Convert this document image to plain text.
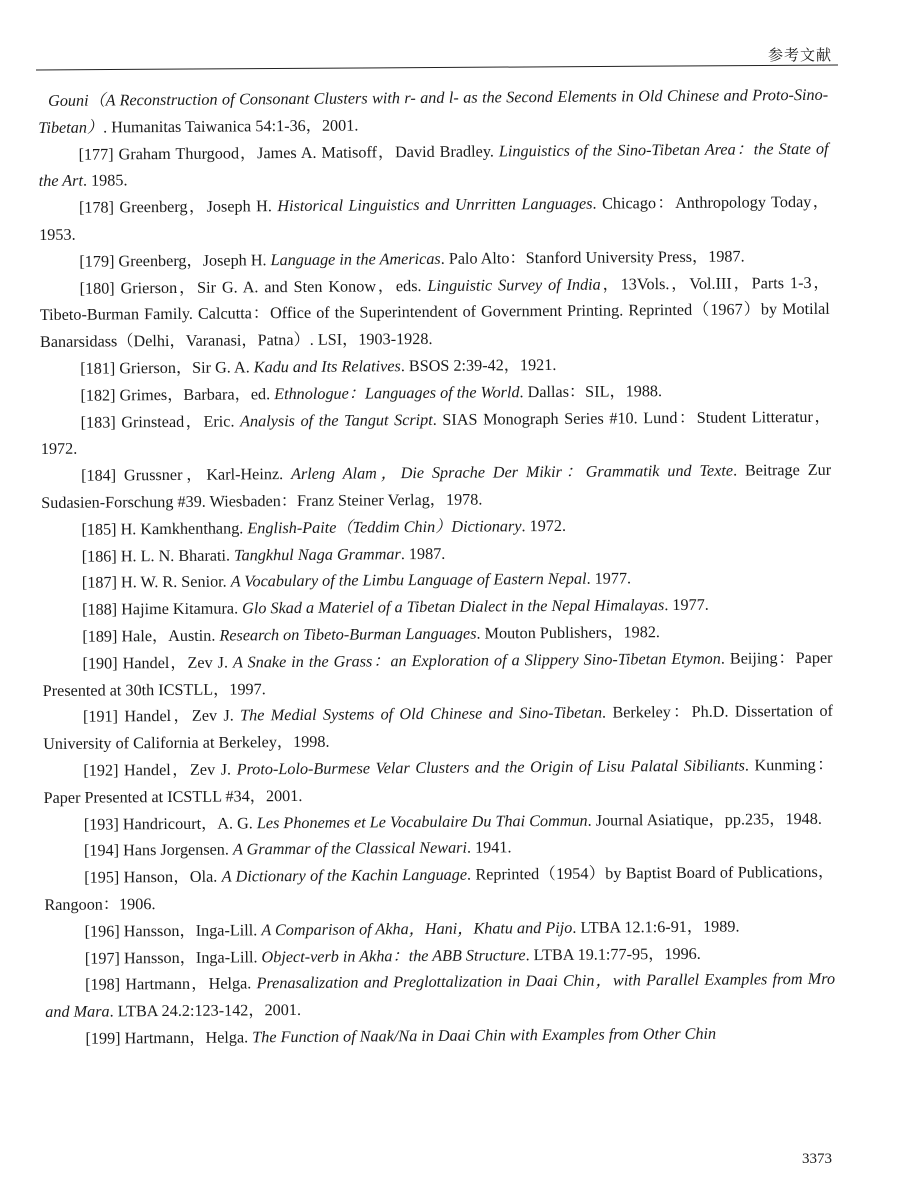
参考文献

Gouni（A Reconstruction of Consonant Clusters with r- and l- as the Second Elements in Old Chinese and Proto-Sino-Tibetan）. Humanitas Taiwanica 54:1-36，2001.

[177] Graham Thurgood，James A. Matisoff，David Bradley. Linguistics of the Sino-Tibetan Area：the State of the Art. 1985.

[178] Greenberg，Joseph H. Historical Linguistics and Unrritten Languages. Chicago：Anthropology Today，1953.

[179] Greenberg，Joseph H. Language in the Americas. Palo Alto：Stanford University Press，1987.

[180] Grierson，Sir G. A. and Sten Konow，eds. Linguistic Survey of India，13Vols.，Vol.III，Parts 1-3，Tibeto-Burman Family. Calcutta：Office of the Superintendent of Government Printing. Reprinted（1967）by Motilal Banarsidass（Delhi，Varanasi，Patna）. LSI，1903-1928.

[181] Grierson，Sir G. A. Kadu and Its Relatives. BSOS 2:39-42，1921.

[182] Grimes，Barbara，ed. Ethnologue：Languages of the World. Dallas：SIL，1988.

[183] Grinstead，Eric. Analysis of the Tangut Script. SIAS Monograph Series #10. Lund：Student Litteratur，1972.

[184] Grussner，Karl-Heinz. Arleng Alam，Die Sprache Der Mikir：Grammatik und Texte. Beitrage Zur Sudasien-Forschung #39. Wiesbaden：Franz Steiner Verlag，1978.

[185] H. Kamkhenthang. English-Paite（Teddim Chin）Dictionary. 1972.

[186] H. L. N. Bharati. Tangkhul Naga Grammar. 1987.

[187] H. W. R. Senior. A Vocabulary of the Limbu Language of Eastern Nepal. 1977.

[188] Hajime Kitamura. Glo Skad a Materiel of a Tibetan Dialect in the Nepal Himalayas. 1977.

[189] Hale，Austin. Research on Tibeto-Burman Languages. Mouton Publishers，1982.

[190] Handel，Zev J. A Snake in the Grass：an Exploration of a Slippery Sino-Tibetan Etymon. Beijing：Paper Presented at 30th ICSTLL，1997.

[191] Handel，Zev J. The Medial Systems of Old Chinese and Sino-Tibetan. Berkeley：Ph.D. Dissertation of University of California at Berkeley，1998.

[192] Handel，Zev J. Proto-Lolo-Burmese Velar Clusters and the Origin of Lisu Palatal Sibiliants. Kunming：Paper Presented at ICSTLL #34，2001.

[193] Handricourt，A. G. Les Phonemes et Le Vocabulaire Du Thai Commun. Journal Asiatique，pp.235，1948.

[194] Hans Jorgensen. A Grammar of the Classical Newari. 1941.

[195] Hanson，Ola. A Dictionary of the Kachin Language. Reprinted（1954）by Baptist Board of Publications，Rangoon：1906.

[196] Hansson，Inga-Lill. A Comparison of Akha，Hani，Khatu and Pijo. LTBA 12.1:6-91，1989.

[197] Hansson，Inga-Lill. Object-verb in Akha：the ABB Structure. LTBA 19.1:77-95，1996.

[198] Hartmann，Helga. Prenasalization and Preglottalization in Daai Chin，with Parallel Examples from Mro and Mara. LTBA 24.2:123-142，2001.

[199] Hartmann，Helga. The Function of Naak/Na in Daai Chin with Examples from Other Chin

3373
